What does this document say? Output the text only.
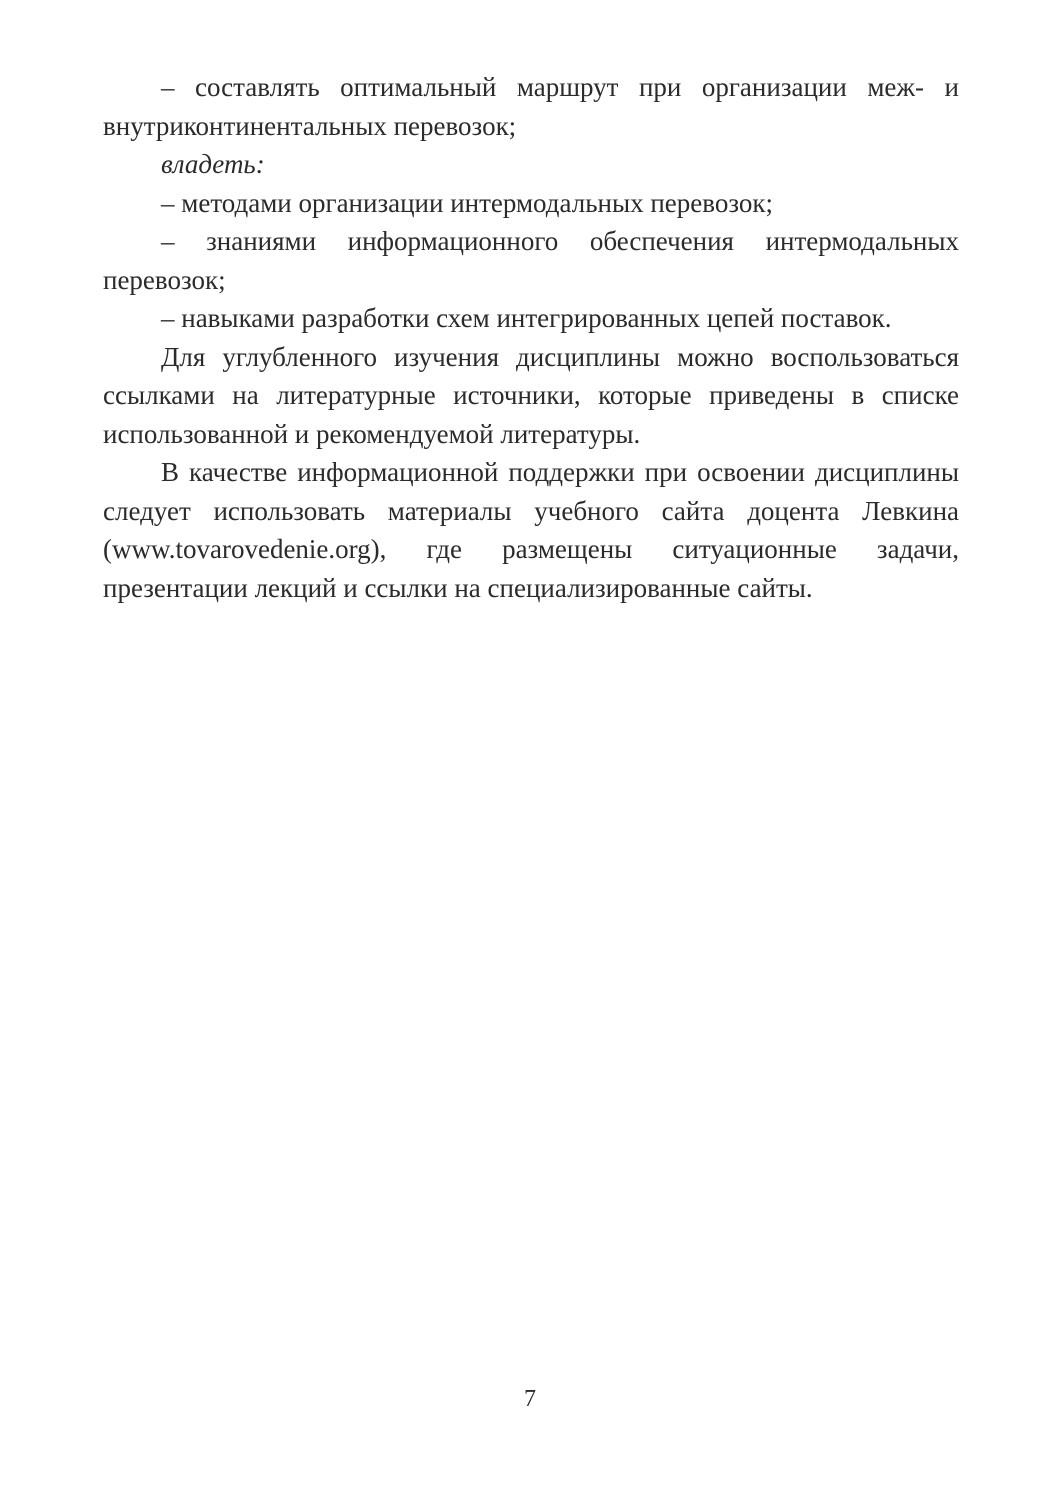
– составлять оптимальный маршрут при организации меж- и внутриконтинентальных перевозок;

владеть:

– методами организации интермодальных перевозок;

– знаниями информационного обеспечения интермодальных перевозок;

– навыками разработки схем интегрированных цепей поставок.

Для углубленного изучения дисциплины можно воспользоваться ссылками на литературные источники, которые приведены в списке использованной и рекомендуемой литературы.

В качестве информационной поддержки при освоении дисциплины следует использовать материалы учебного сайта доцента Левкина (www.tovarovedenie.org), где размещены ситуационные задачи, презентации лекций и ссылки на специализированные сайты.

7
